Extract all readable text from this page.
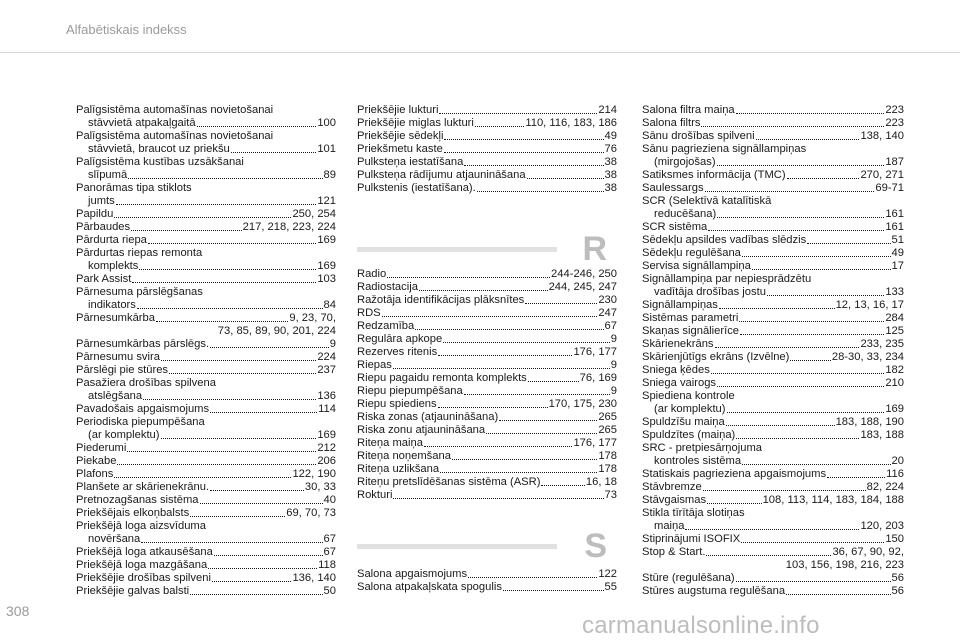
Alfabētiskais indekss
Palīgsistēma automašīnas novietošanai
stāvvietā atpakaļgaitā	100
Palīgsistēma automašīnas novietošanai
stāvvietā, braucot uz priekšu	101
Palīgsistēma kustības uzsākšanai
slīpumā	89
Panorāmas tipa stiklots
jumts	121
Papildu	250, 254
Pārbaudes	217, 218, 223, 224
Pārdurta riepa	169
Pārdurtas riepas remonta
komplekts	169
Park Assist	103
Pārnesuma pārslēgšanas
indikators	84
Pārnesumkārba	9, 23, 70,
73, 85, 89, 90, 201, 224
Pārnesumkārbas pārslēgs.	9
Pārnesumu svira	224
Pārslēgi pie stūres	237
Pasažiera drošības spilvena
atslēgšana	136
Pavadošais apgaismojums	114
Periodiska piepumpēšana
(ar komplektu)	169
Piederumi	212
Piekabe	206
Plafons	122, 190
Planšete ar skārienekrānu.	30, 33
Pretnozagšanas sistēma	40
Priekšējais elkoņbalsts	69, 70, 73
Priekšējā loga aizsvīduma
novēršana	67
Priekšējā loga atkausēšana	67
Priekšējā loga mazgāšana	118
Priekšējie drošības spilveni	136, 140
Priekšējie galvas balsti	50
Priekšējie lukturi	214
Priekšējie miglas lukturi	110, 116, 183, 186
Priekšējie sēdekļi	49
Priekšmetu kaste	76
Pulksteņa iestatīšana	38
Pulksteņa rādījumu atjaunināšana	38
Pulkstenis (iestatīšana).	38
R
Radio	244-246, 250
Radiostacija	244, 245, 247
Ražotāja identifikācijas plāksnītes	230
RDS	247
Redzamība	67
Regulāra apkope	9
Rezerves ritenis	176, 177
Riepas	9
Riepu pagaidu remonta komplekts	76, 169
Riepu piepumpēšana	9
Riepu spiediens	170, 175, 230
Riska zonas (atjaunināšana)	265
Riska zonu atjaunināšana	265
Riteņa maiņa	176, 177
Riteņa noņemšana	178
Riteņa uzlikšana	178
Riteņu pretslīdēšanas sistēma (ASR)	16, 18
Rokturi	73
S
Salona apgaismojums	122
Salona atpakaļskata spogulis	55
Salona filtra maiņa	223
Salona filtrs	223
Sānu drošības spilveni	138, 140
Sānu pagrieziena signāllampiņas
(mirgojošas)	187
Satiksmes informācija (TMC)	270, 271
Saulessargs	69-71
SCR (Selektīvā katalītiskā
reducēšana)	161
SCR sistēma	161
Sēdekļu apsildes vadības slēdzis	51
Sēdekļu regulēšana	49
Servisa signāllampiņa	17
Signāllampiņa par nepiesprādzētu
vadītāja drošības jostu	133
Signāllampiņas	12, 13, 16, 17
Sistēmas parametri	284
Skaņas signālierīce	125
Skārienekrāns	233, 235
Skārienjūtīgs ekrāns (Izvēlne)	28-30, 33, 234
Sniega ķēdes	182
Sniega vairogs	210
Spiediena kontrole
(ar komplektu)	169
Spuldzīšu maiņa	183, 188, 190
Spuldzītes (maiņa)	183, 188
SRC - pretpiesārņojuma
kontroles sistēma	20
Statiskais pagrieziena apgaismojums	116
Stāvbremze	82, 224
Stāvgaismas	108, 113, 114, 183, 184, 188
Stikla tīrītāja slotiņas
maiņa	120, 203
Stiprinājumi ISOFIX	150
Stop & Start.	36, 67, 90, 92,
103, 156, 198, 216, 223
Stūre (regulēšana)	56
Stūres augstuma regulēšana	56
308
carmanualsonline.info
